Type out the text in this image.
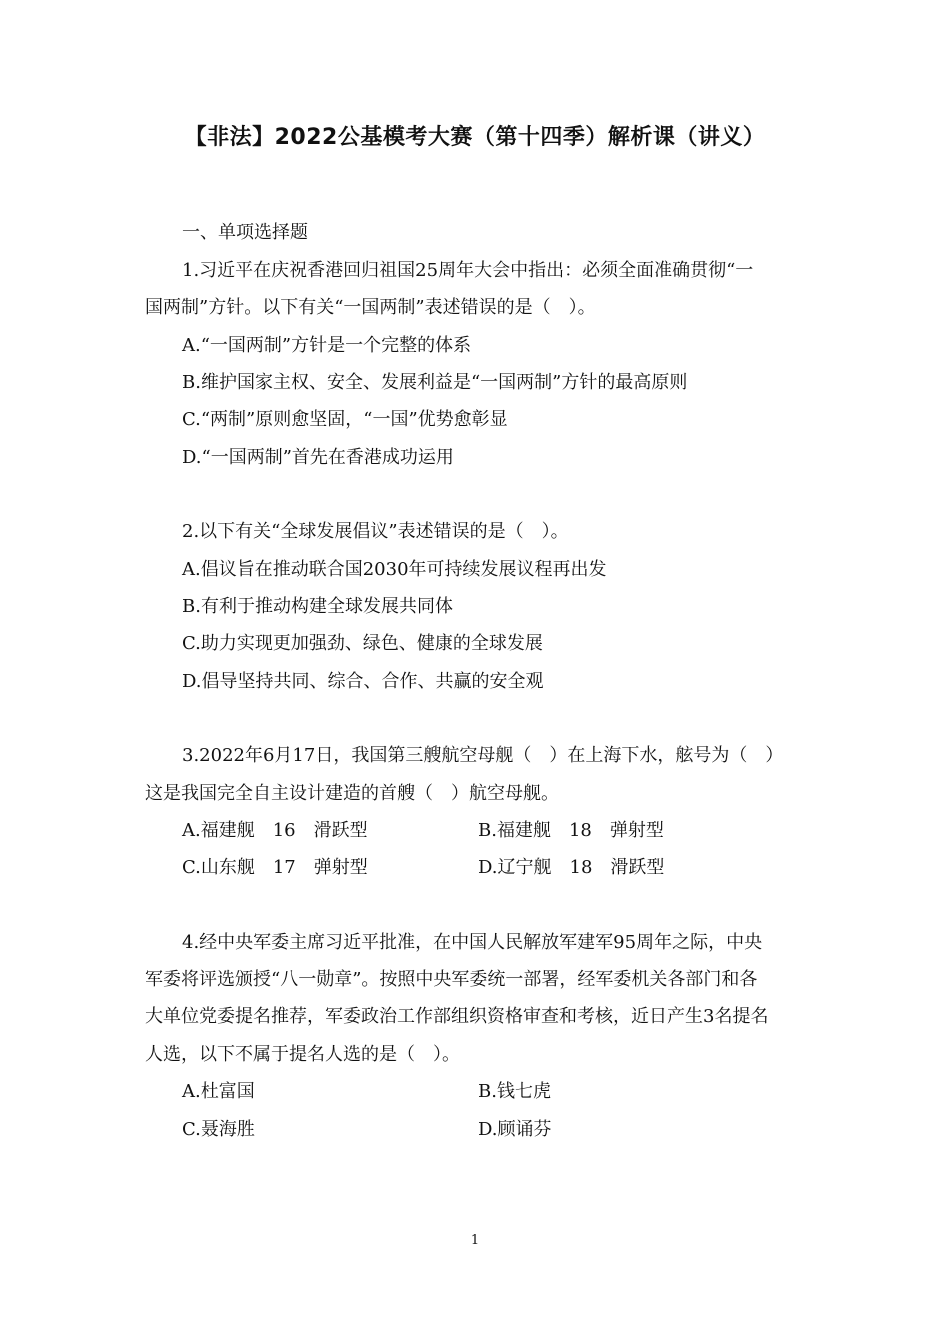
【非法】2022公基模考大赛（第十四季）解析课（讲义）
一、单项选择题
1.习近平在庆祝香港回归祖国25周年大会中指出：必须全面准确贯彻“一
国两制”方针。以下有关“一国两制”表述错误的是（　）。
A.“一国两制”方针是一个完整的体系
B.维护国家主权、安全、发展利益是“一国两制”方针的最高原则
C.“两制”原则愈坚固，“一国”优势愈彰显
D.“一国两制”首先在香港成功运用
2.以下有关“全球发展倡议”表述错误的是（　）。
A.倡议旨在推动联合国2030年可持续发展议程再出发
B.有利于推动构建全球发展共同体
C.助力实现更加强劲、绿色、健康的全球发展
D.倡导坚持共同、综合、合作、共赢的安全观
3.2022年6月17日，我国第三艘航空母舰（　）在上海下水，舷号为（　）
这是我国完全自主设计建造的首艘（　）航空母舰。
A.福建舰　16　滑跃型	B.福建舰　18　弹射型
C.山东舰　17　弹射型	D.辽宁舰　18　滑跃型
4.经中央军委主席习近平批准，在中国人民解放军建军95周年之际，中央
军委将评选颁授“八一勋章”。按照中央军委统一部署，经军委机关各部门和各
大单位党委提名推荐，军委政治工作部组织资格审查和考核，近日产生3名提名
人选，以下不属于提名人选的是（　）。
A.杜富国	B.钱七虎
C.聂海胜	D.顾诵芬
1
